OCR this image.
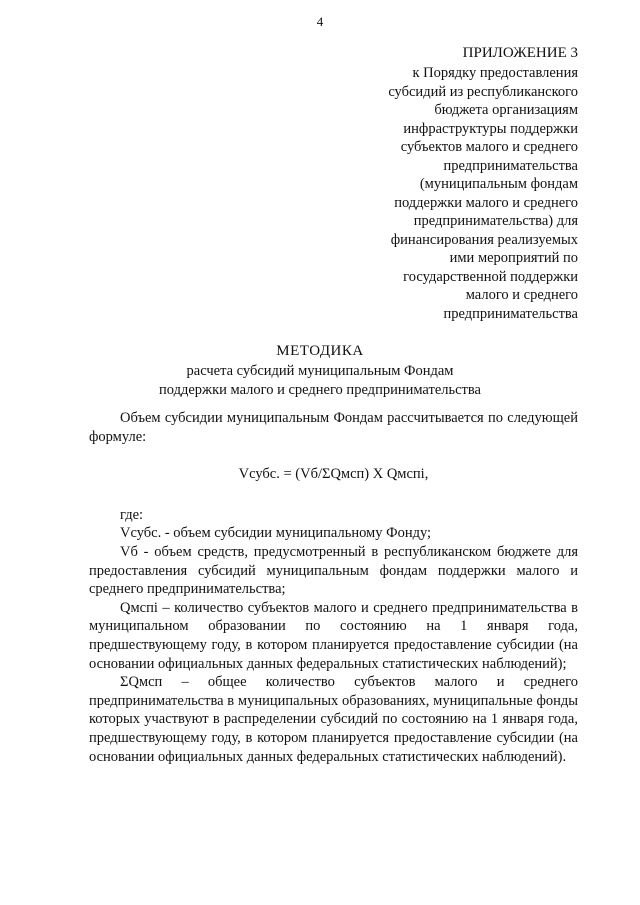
4
ПРИЛОЖЕНИЕ 3
к Порядку предоставления
субсидий из республиканского
бюджета организациям
инфраструктуры поддержки
субъектов малого и среднего
предпринимательства
(муниципальным фондам
поддержки малого и среднего
предпринимательства) для
финансирования реализуемых
ими мероприятий по
государственной поддержки
малого и среднего
предпринимательства
МЕТОДИКА
расчета субсидий муниципальным Фондам
поддержки малого и среднего предпринимательства

Объем субсидии муниципальным Фондам рассчитывается по следующей формуле:

Vсубс. = (Vб/ΣQмсп) X Qмспi,

где:

Vсубс. - объем субсидии муниципальному Фонду;

Vб - объем средств, предусмотренный в республиканском бюджете для предоставления субсидий муниципальным фондам поддержки малого и среднего предпринимательства;

Qмспi – количество субъектов малого и среднего предпринимательства в муниципальном образовании по состоянию на 1 января года, предшествующему году, в котором планируется предоставление субсидии (на основании официальных данных федеральных статистических наблюдений);

ΣQмсп – общее количество субъектов малого и среднего предпринимательства в муниципальных образованиях, муниципальные фонды которых участвуют в распределении субсидий по состоянию на 1 января года, предшествующему году, в котором планируется предоставление субсидии (на основании официальных данных федеральных статистических наблюдений).
